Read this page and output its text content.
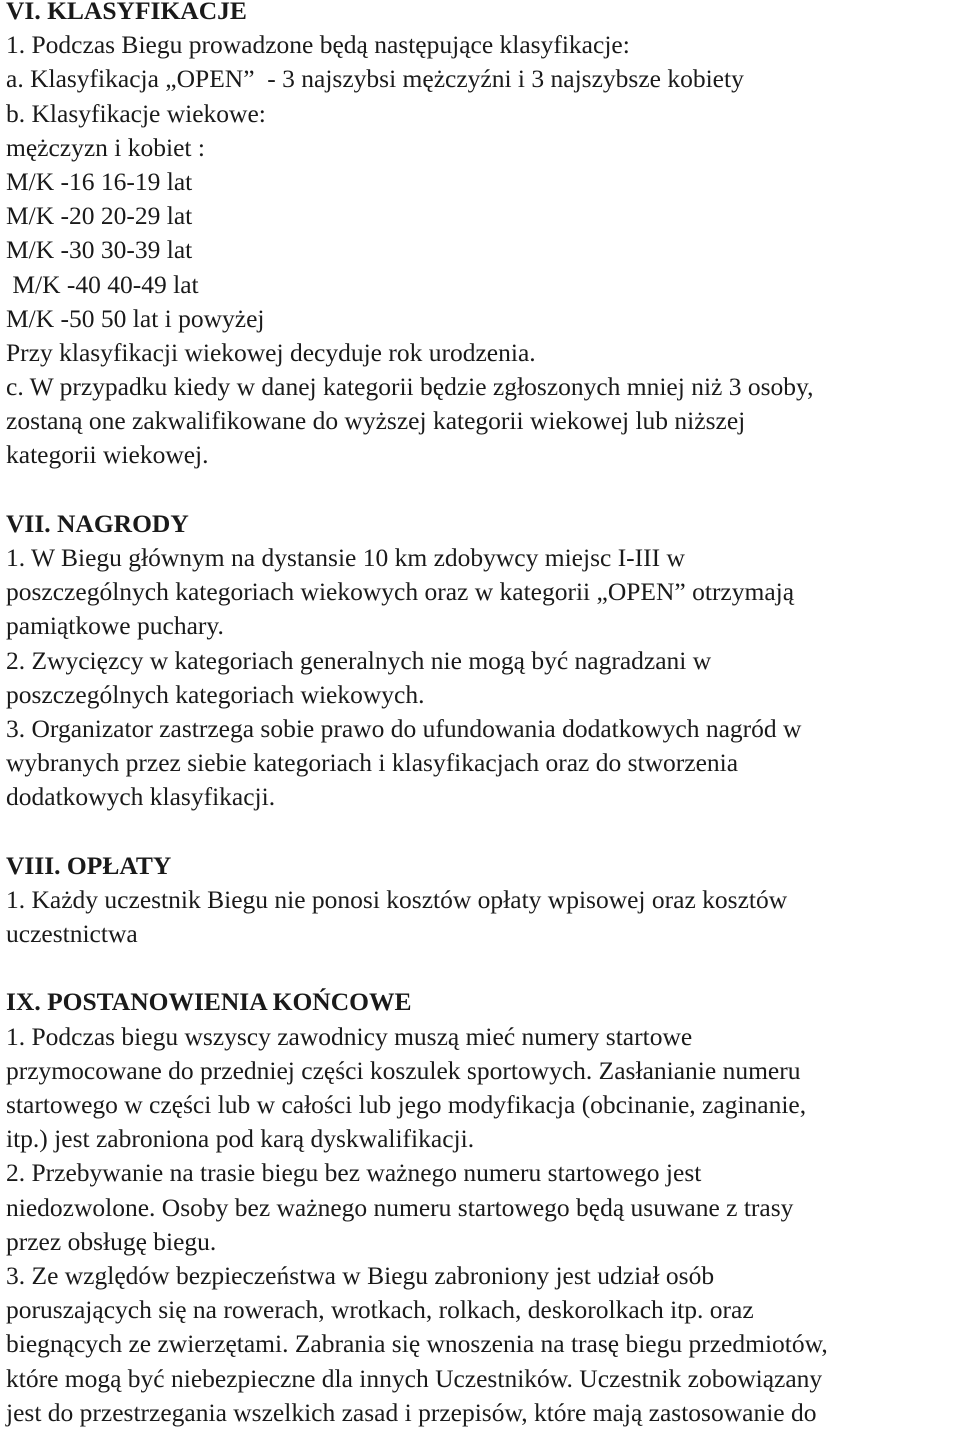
VI. KLASYFIKACJE
1. Podczas Biegu prowadzone będą następujące klasyfikacje:
a. Klasyfikacja „OPEN”  - 3 najszybsi mężczyźni i 3 najszybsze kobiety
b. Klasyfikacje wiekowe:
mężczyzn i kobiet :
M/K -16 16-19 lat
M/K -20 20-29 lat
M/K -30 30-39 lat
M/K -40 40-49 lat
M/K -50 50 lat i powyżej
Przy klasyfikacji wiekowej decyduje rok urodzenia.
c. W przypadku kiedy w danej kategorii będzie zgłoszonych mniej niż 3 osoby,
zostaną one zakwalifikowane do wyższej kategorii wiekowej lub niższej
kategorii wiekowej.
VII. NAGRODY
1. W Biegu głównym na dystansie 10 km zdobywcy miejsc I-III w
poszczególnych kategoriach wiekowych oraz w kategorii „OPEN” otrzymają
pamiątkowe puchary.
2. Zwycięzcy w kategoriach generalnych nie mogą być nagradzani w
poszczególnych kategoriach wiekowych.
3. Organizator zastrzega sobie prawo do ufundowania dodatkowych nagród w
wybranych przez siebie kategoriach i klasyfikacjach oraz do stworzenia
dodatkowych klasyfikacji.
VIII. OPŁATY
1. Każdy uczestnik Biegu nie ponosi kosztów opłaty wpisowej oraz kosztów
uczestnictwa
IX. POSTANOWIENIA KOŃCOWE
1. Podczas biegu wszyscy zawodnicy muszą mieć numery startowe
przymocowane do przedniej części koszulek sportowych. Zasłanianie numeru
startowego w części lub w całości lub jego modyfikacja (obcinanie, zaginanie,
itp.) jest zabroniona pod karą dyskwalifikacji.
2. Przebywanie na trasie biegu bez ważnego numeru startowego jest
niedozwolone. Osoby bez ważnego numeru startowego będą usuwane z trasy
przez obsługę biegu.
3. Ze względów bezpieczeństwa w Biegu zabroniony jest udział osób
poruszających się na rowerach, wrotkach, rolkach, deskorolkach itp. oraz
biegnących ze zwierzętami. Zabrania się wnoszenia na trasę biegu przedmiotów,
które mogą być niebezpieczne dla innych Uczestników. Uczestnik zobowiązany
jest do przestrzegania wszelkich zasad i przepisów, które mają zastosowanie do
